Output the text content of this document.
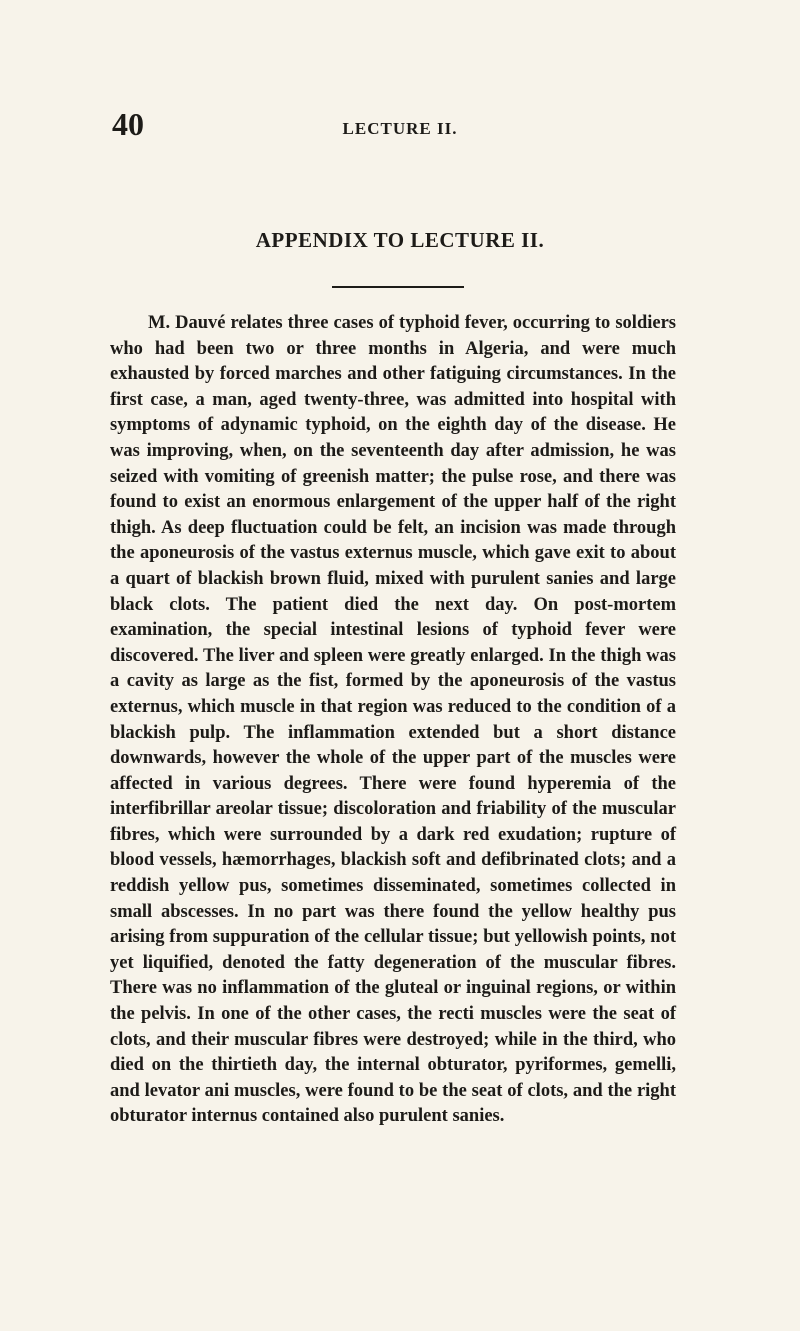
40	LECTURE II.
APPENDIX TO LECTURE II.

M. Dauvé relates three cases of typhoid fever, occurring to soldiers who had been two or three months in Algeria, and were much exhausted by forced marches and other fatiguing circumstances. In the first case, a man, aged twenty-three, was admitted into hospital with symptoms of adynamic typhoid, on the eighth day of the disease. He was improving, when, on the seventeenth day after admission, he was seized with vomiting of greenish matter; the pulse rose, and there was found to exist an enormous enlargement of the upper half of the right thigh. As deep fluctuation could be felt, an incision was made through the aponeurosis of the vastus externus muscle, which gave exit to about a quart of blackish brown fluid, mixed with purulent sanies and large black clots. The patient died the next day. On post-mortem examination, the special intestinal lesions of typhoid fever were discovered. The liver and spleen were greatly enlarged. In the thigh was a cavity as large as the fist, formed by the aponeurosis of the vastus externus, which muscle in that region was reduced to the condition of a blackish pulp. The inflammation extended but a short distance downwards, however the whole of the upper part of the muscles were affected in various degrees. There were found hyperemia of the interfibrillar areolar tissue; discoloration and friability of the muscular fibres, which were surrounded by a dark red exudation; rupture of blood vessels, hæmorrhages, blackish soft and defibrinated clots; and a reddish yellow pus, sometimes disseminated, sometimes collected in small abscesses. In no part was there found the yellow healthy pus arising from suppuration of the cellular tissue; but yellowish points, not yet liquified, denoted the fatty degeneration of the muscular fibres. There was no inflammation of the gluteal or inguinal regions, or within the pelvis. In one of the other cases, the recti muscles were the seat of clots, and their muscular fibres were destroyed; while in the third, who died on the thirtieth day, the internal obturator, pyriformes, gemelli, and levator ani muscles, were found to be the seat of clots, and the right obturator internus contained also purulent sanies.
